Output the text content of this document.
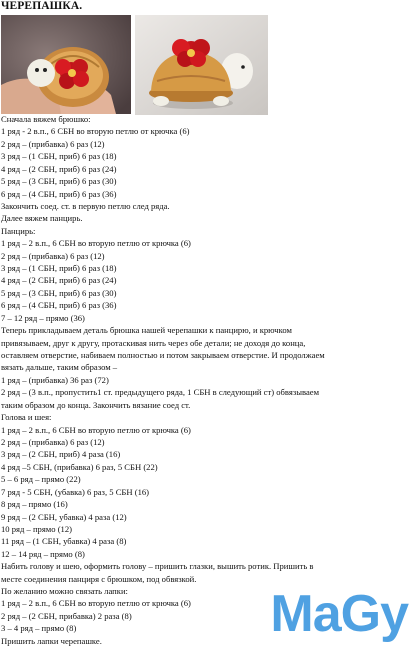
ЧЕРЕПАШКА.
Сначала вяжем брюшко:
1 ряд - 2 в.п., 6 СБН во вторую петлю от крючка (6)
2 ряд – (прибавка) 6 раз (12)
3 ряд – (1 СБН, приб) 6 раз (18)
4 ряд – (2 СБН, приб) 6 раз (24)
5 ряд – (3 СБН, приб) 6 раз (30)
6 ряд – (4 СБН, приб) 6 раз (36)
Закончить соед. ст. в первую петлю след ряда.
Далее вяжем панцирь.
Панцирь:
1 ряд – 2 в.п., 6 СБН во вторую петлю от крючка (6)
2 ряд – (прибавка) 6 раз (12)
3 ряд – (1 СБН, приб) 6 раз (18)
4 ряд – (2 СБН, приб) 6 раз (24)
5 ряд – (3 СБН, приб) 6 раз (30)
6 ряд – (4 СБН, приб) 6 раз (36)
7 – 12 ряд – прямо (36)
Теперь прикладываем деталь брюшка нашей черепашки к панцирю, и крючком
привязываем, друг к другу, протаскивая нить через обе детали; не доходя до конца,
оставляем отверстие, набиваем полностью и потом закрываем отверстие. И продолжаем
вязать дальше, таким образом –
1 ряд – (прибавка) 36 раз (72)
2 ряд – (3 в.п., пропустить1 ст. предыдущего ряда, 1 СБН в следующий ст) обвязываем
таким образом до конца. Закончить вязание соед ст.
Голова и шея:
1 ряд – 2 в.п., 6 СБН во вторую петлю от крючка (6)
2 ряд – (прибавка) 6 раз (12)
3 ряд – (2 СБН, приб) 4 раза (16)
4 ряд –5 СБН, (прибавка) 6 раз, 5 СБН (22)
5 – 6 ряд – прямо (22)
7 ряд - 5 СБН, (убавка) 6 раз, 5 СБН (16)
8 ряд – прямо (16)
9 ряд – (2 СБН, убавка) 4 раза (12)
10 ряд – прямо (12)
11 ряд – (1 СБН, убавка) 4 раза (8)
12 – 14 ряд – прямо (8)
Набить голову и шею, оформить голову – пришить глазки, вышить ротик. Пришить в
месте соединения панциря с брюшком, под обвязкой.
По желанию можно связать лапки:
1 ряд – 2 в.п., 6 СБН во вторую петлю от крючка (6)
2 ряд – (2 СБН, прибавка) 2 раза (8)
3 – 4 ряд – прямо (8)
Пришить лапки черепашке.	MaGy
